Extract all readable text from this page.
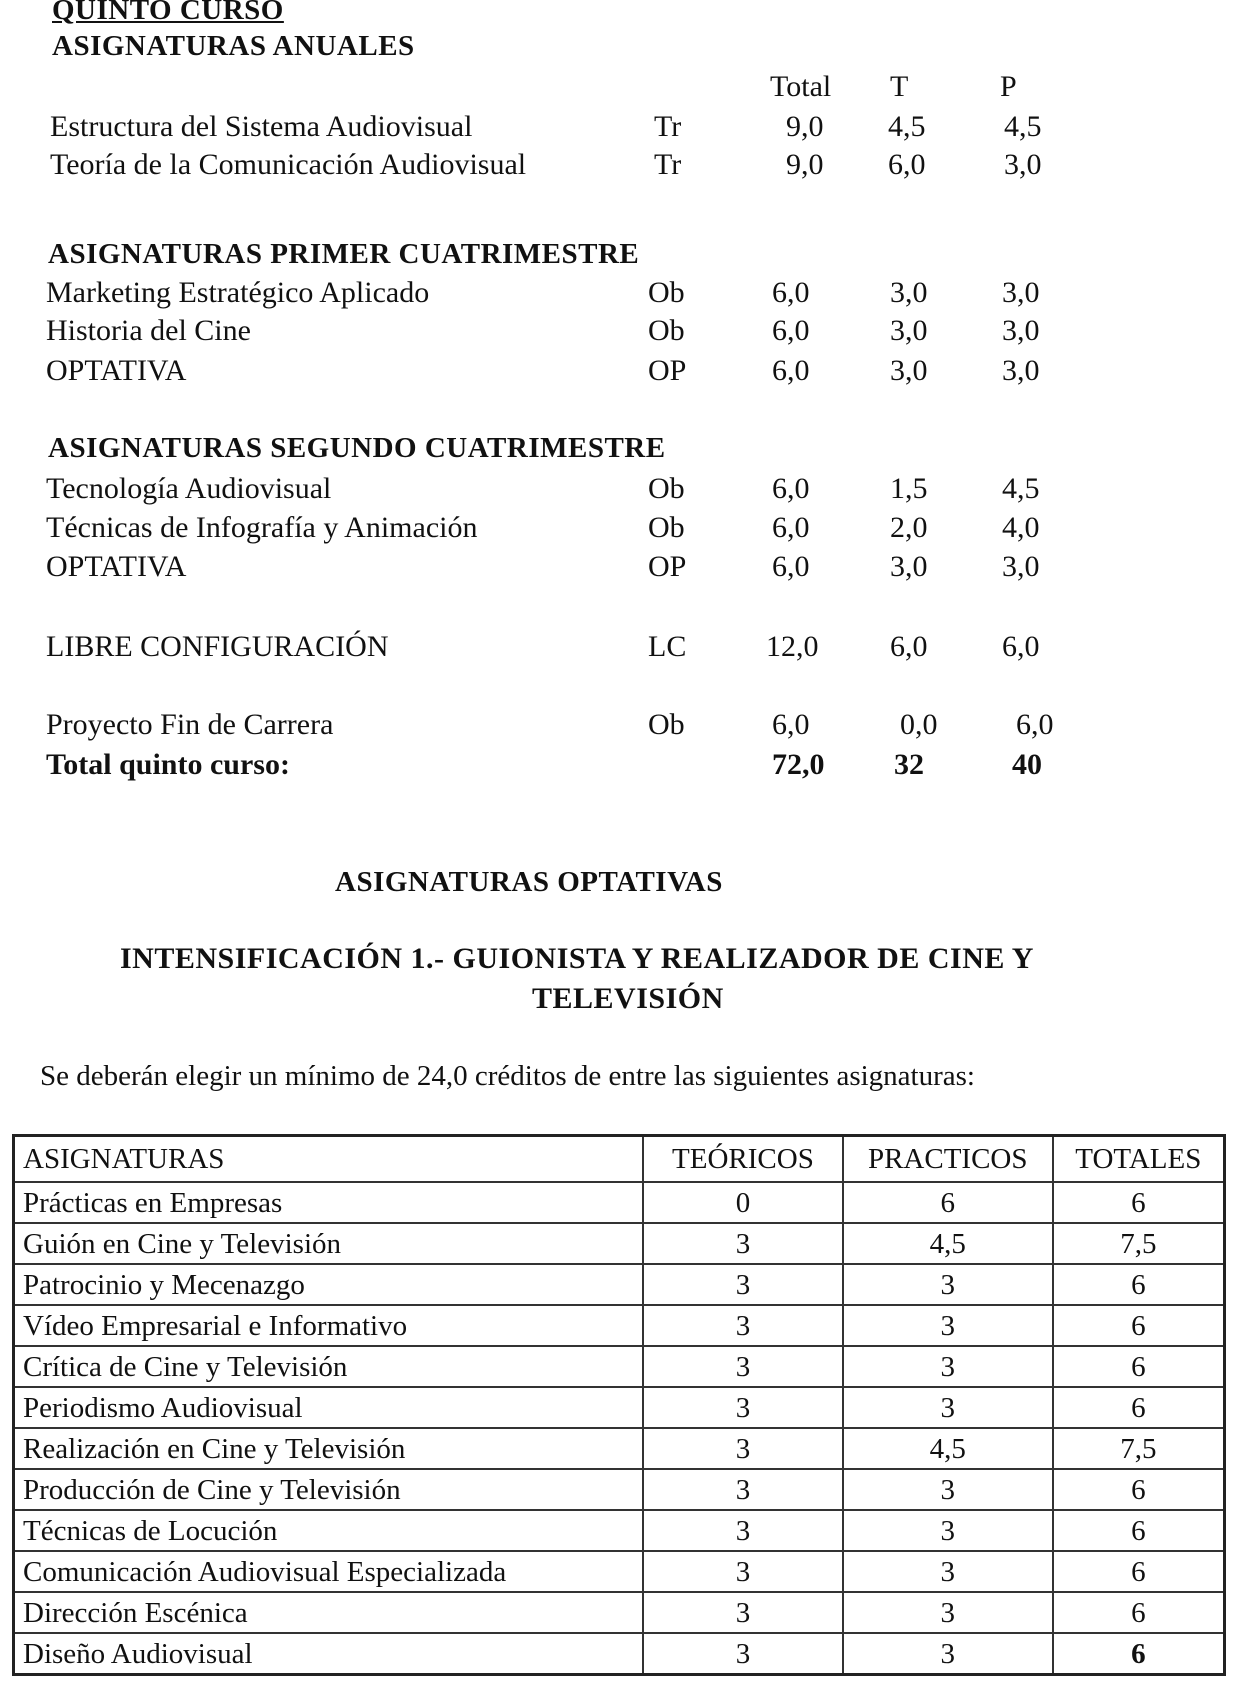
QUINTO CURSO
ASIGNATURAS ANUALES
Total T	P
Estructura del Sistema Audiovisual	Tr	9,0 4,5	4,5
Teoría de la Comunicación Audiovisual	Tr	9,0 6,0	3,0
ASIGNATURAS PRIMER CUATRIMESTRE
Marketing Estratégico Aplicado	Ob	6,0	3,0 3,0
Historia del Cine	Ob	6,0	3,0 3,0
OPTATIVA	OP	6,0	3,0 3,0
ASIGNATURAS SEGUNDO CUATRIMESTRE
Tecnología Audiovisual	Ob	6,0	1,5 4,5
Técnicas de Infografía y Animación	Ob	6,0	2,0 4,0
OPTATIVA	OP	6,0	3,0 3,0
LIBRE CONFIGURACIÓN	LC	12,0 6,0 6,0
Proyecto Fin de Carrera	Ob	6,0	0,0	6,0
Total quinto curso:	72,0 32	40
ASIGNATURAS OPTATIVAS
INTENSIFICACIÓN 1.- GUIONISTA Y REALIZADOR DE CINE Y
TELEVISIÓN
Se deberán elegir un mínimo de 24,0 créditos de entre las siguientes asignaturas:
ASIGNATURAS	TEÓRICOS	PRACTICOS	TOTALES
Prácticas en Empresas	0	6	6
Guión en Cine y Televisión	3	4,5	7,5
Patrocinio y Mecenazgo	3	3	6
Vídeo Empresarial e Informativo	3	3	6
Crítica de Cine y Televisión	3	3	6
Periodismo Audiovisual	3	3	6
Realización en Cine y Televisión	3	4,5	7,5
Producción de Cine y Televisión	3	3	6
Técnicas de Locución	3	3	6
Comunicación Audiovisual Especializada	3	3	6
Dirección Escénica	3	3	6
Diseño Audiovisual	3	3	6
